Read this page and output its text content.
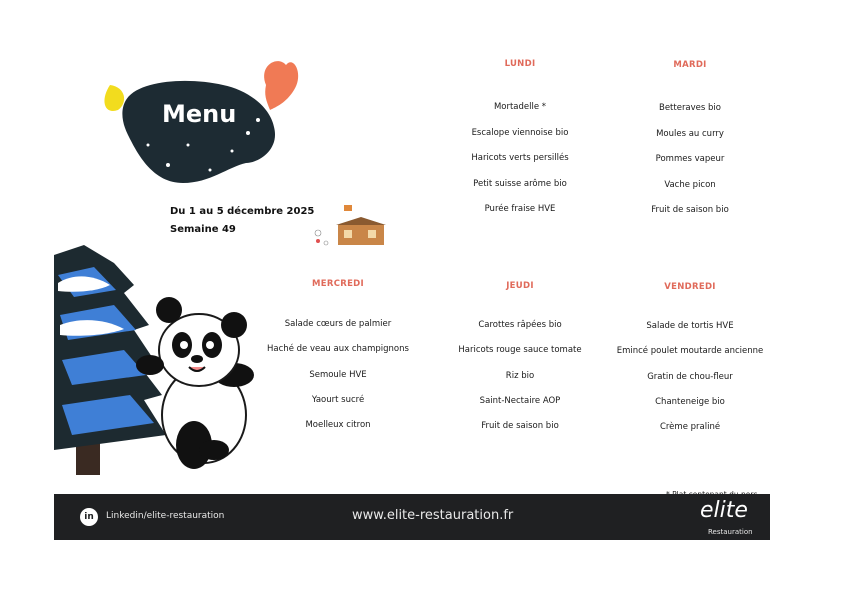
Menu
Du 1 au 5 décembre 2025
Semaine 49
LUNDI
Mortadelle *
Escalope viennoise bio
Haricots verts persillés
Petit suisse arôme bio
Purée fraise HVE
MARDI
Betteraves bio
Moules au curry
Pommes vapeur
Vache picon
Fruit de saison bio
MERCREDI
Salade cœurs de palmier
Haché de veau aux champignons
Semoule HVE
Yaourt sucré
Moelleux citron
JEUDI
Carottes râpées bio
Haricots rouge sauce tomate
Riz bio
Saint-Nectaire AOP
Fruit de saison bio
VENDREDI
Salade de tortis HVE
Emincé poulet moutarde ancienne
Gratin de chou-fleur
Chanteneige bio
Crème praliné
in	Linkedin/elite-restauration	www.elite-restauration.fr	elite
Restauration
